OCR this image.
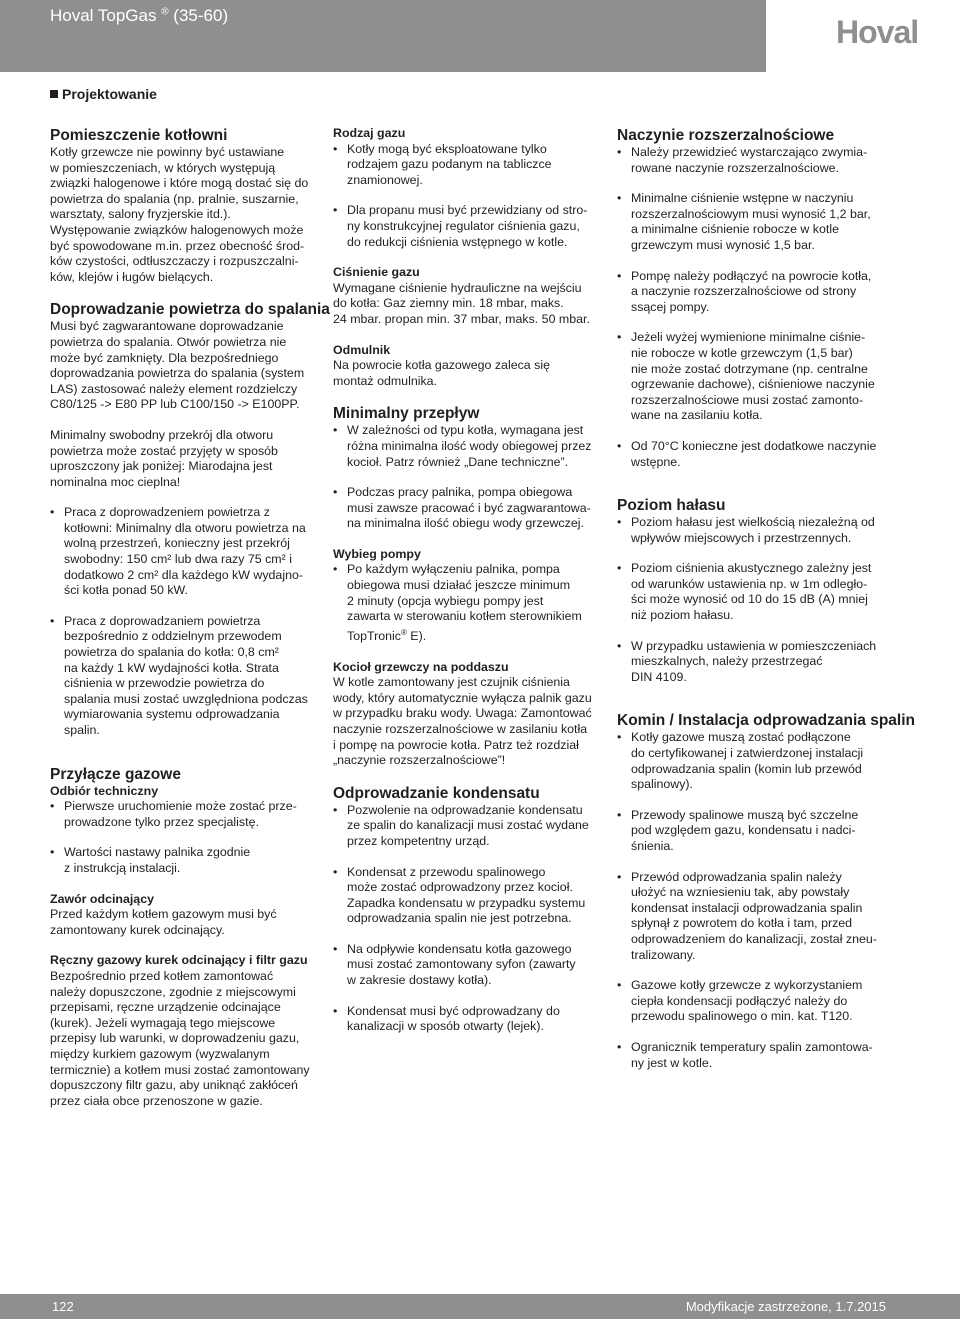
Hoval TopGas ® (35-60)	Hoval
Projektowanie
Pomieszczenie kotłowni
Kotły grzewcze nie powinny być ustawiane
w pomieszczeniach, w których występują
związki halogenowe i które mogą dostać się do
powietrza do spalania (np. pralnie, suszarnie,
warsztaty, salony fryzjerskie itd.).
Występowanie związków halogenowych może
być spowodowane m.in. przez obecność środ-
ków czystości, odtłuszczaczy i rozpuszczalni-
ków, klejów i ługów bielących.
Doprowadzanie powietrza do spalania
Musi być zagwarantowane doprowadzanie
powietrza do spalania. Otwór powietrza nie
może być zamknięty. Dla bezpośredniego
doprowadzania powietrza do spalania (system
LAS) zastosować należy element rozdzielczy
C80/125 -> E80 PP lub C100/150 -> E100PP.
Minimalny swobodny przekrój dla otworu
powietrza może zostać przyjęty w sposób
uproszczony jak poniżej: Miarodajna jest
nominalna moc cieplna!
• Praca z doprowadzeniem powietrza z
kotłowni: Minimalny dla otworu powietrza na
wolną przestrzeń, konieczny jest przekrój
swobodny: 150 cm² lub dwa razy 75 cm² i
dodatkowo 2 cm² dla każdego kW wydajno-
ści kotła ponad 50 kW.
• Praca z doprowadzaniem powietrza
bezpośrednio z oddzielnym przewodem
powietrza do spalania do kotła: 0,8 cm²
na każdy 1 kW wydajności kotła. Strata
ciśnienia w przewodzie powietrza do
spalania musi zostać uwzględniona podczas
wymiarowania systemu odprowadzania
spalin.
Przyłącze gazowe
Odbiór techniczny
• Pierwsze uruchomienie może zostać prze-
prowadzone tylko przez specjalistę.
• Wartości nastawy palnika zgodnie
z instrukcją instalacji.
Zawór odcinający
Przed każdym kotłem gazowym musi być
zamontowany kurek odcinający.
Ręczny gazowy kurek odcinający i filtr gazu
Bezpośrednio przed kotłem zamontować
należy dopuszczone, zgodnie z miejscowymi
przepisami, ręczne urządzenie odcinające
(kurek). Jeżeli wymagają tego miejscowe
przepisy lub warunki, w doprowadzeniu gazu,
między kurkiem gazowym (wyzwalanym
termicznie) a kotłem musi zostać zamontowany
dopuszczony filtr gazu, aby uniknąć zakłóceń
przez ciała obce przenoszone w gazie.
Rodzaj gazu
• Kotły mogą być eksploatowane tylko
rodzajem gazu podanym na tabliczce
znamionowej.
• Dla propanu musi być przewidziany od stro-
ny konstrukcyjnej regulator ciśnienia gazu,
do redukcji ciśnienia wstępnego w kotle.
Ciśnienie gazu
Wymagane ciśnienie hydrauliczne na wejściu
do kotła: Gaz ziemny min. 18 mbar, maks.
24 mbar. propan min. 37 mbar, maks. 50 mbar.
Odmulnik
Na powrocie kotła gazowego zaleca się
montaż odmulnika.
Minimalny przepływ
• W zależności od typu kotła, wymagana jest
różna minimalna ilość wody obiegowej przez
kocioł. Patrz również „Dane techniczne”.
• Podczas pracy palnika, pompa obiegowa
musi zawsze pracować i być zagwarantowa-
na minimalna ilość obiegu wody grzewczej.
Wybieg pompy
• Po każdym wyłączeniu palnika, pompa
obiegowa musi działać jeszcze minimum
2 minuty (opcja wybiegu pompy jest
zawarta w sterowaniu kotłem sterownikiem
TopTronic® E).
Kocioł grzewczy na poddaszu
W kotle zamontowany jest czujnik ciśnienia
wody, który automatycznie wyłącza palnik gazu
w przypadku braku wody. Uwaga: Zamontować
naczynie rozszerzalnościowe w zasilaniu kotła
i pompę na powrocie kotła. Patrz też rozdział
„naczynie rozszerzalnościowe”!
Odprowadzanie kondensatu
• Pozwolenie na odprowadzanie kondensatu
ze spalin do kanalizacji musi zostać wydane
przez kompetentny urząd.
• Kondensat z przewodu spalinowego
może zostać odprowadzony przez kocioł.
Zapadka kondensatu w przypadku systemu
odprowadzania spalin nie jest potrzebna.
• Na odpływie kondensatu kotła gazowego
musi zostać zamontowany syfon (zawarty
w zakresie dostawy kotła).
• Kondensat musi być odprowadzany do
kanalizacji w sposób otwarty (lejek).
Naczynie rozszerzalnościowe
• Należy przewidzieć wystarczająco zwymia-
rowane naczynie rozszerzalnościowe.
• Minimalne ciśnienie wstępne w naczyniu
rozszerzalnościowym musi wynosić 1,2 bar,
a minimalne ciśnienie robocze w kotle
grzewczym musi wynosić 1,5 bar.
• Pompę należy podłączyć na powrocie kotła,
a naczynie rozszerzalnościowe od strony
ssącej pompy.
• Jeżeli wyżej wymienione minimalne ciśnie-
nie robocze w kotle grzewczym (1,5 bar)
nie może zostać dotrzymane (np. centralne
ogrzewanie dachowe), ciśnieniowe naczynie
rozszerzalnościowe musi zostać zamonto-
wane na zasilaniu kotła.
• Od 70°C konieczne jest dodatkowe naczynie
wstępne.
Poziom hałasu
• Poziom hałasu jest wielkością niezależną od
wpływów miejscowych i przestrzennych.
• Poziom ciśnienia akustycznego zależny jest
od warunków ustawienia np. w 1m odległo-
ści może wynosić od 10 do 15 dB (A) mniej
niż poziom hałasu.
• W przypadku ustawienia w pomieszczeniach
mieszkalnych, należy przestrzegać
DIN 4109.
Komin / Instalacja odprowadzania spalin
• Kotły gazowe muszą zostać podłączone
do certyfikowanej i zatwierdzonej instalacji
odprowadzania spalin (komin lub przewód
spalinowy).
• Przewody spalinowe muszą być szczelne
pod względem gazu, kondensatu i nadci-
śnienia.
• Przewód odprowadzania spalin należy
ułożyć na wzniesieniu tak, aby powstały
kondensat instalacji odprowadzania spalin
spłynął z powrotem do kotła i tam, przed
odprowadzeniem do kanalizacji, został zneu-
tralizowany.
• Gazowe kotły grzewcze z wykorzystaniem
ciepła kondensacji podłączyć należy do
przewodu spalinowego o min. kat. T120.
• Ogranicznik temperatury spalin zamontowa-
ny jest w kotle.
122	Modyfikacje zastrzeżone, 1.7.2015
